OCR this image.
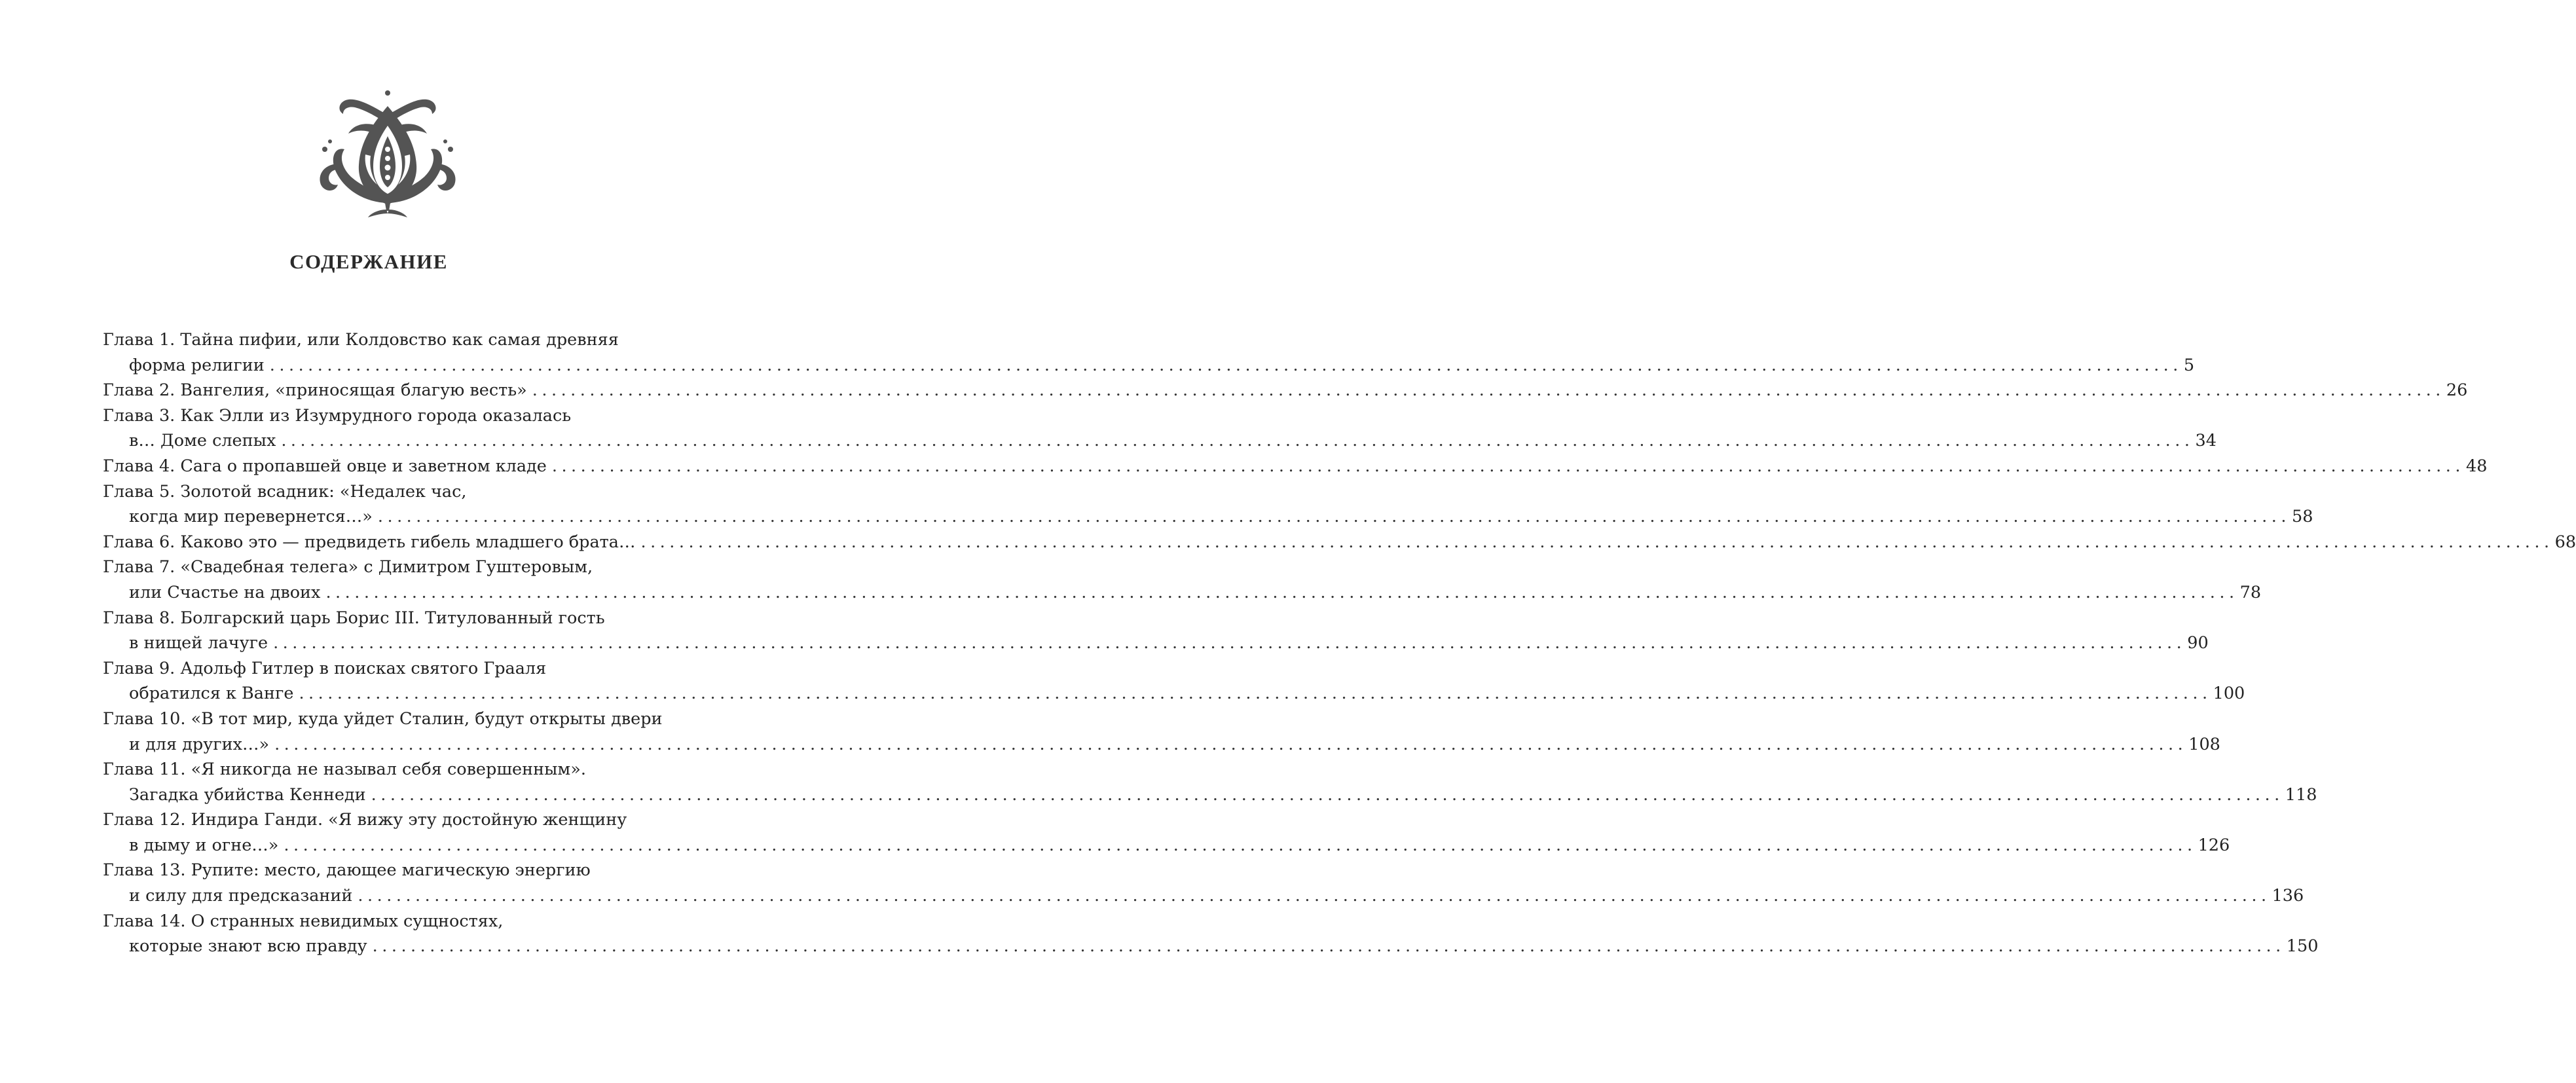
СОДЕРЖАНИЕ
Глава 1. Тайна пифии, или Колдовство как самая древняя
форма религии ........................................................................................................................................................................................................ 5
Глава 2. Вангелия, «приносящая благую весть» ........................................................................................................................................................................................................ 26
Глава 3. Как Элли из Изумрудного города оказалась
в… Доме слепых ........................................................................................................................................................................................................ 34
Глава 4. Сага о пропавшей овце и заветном кладе ........................................................................................................................................................................................................ 48
Глава 5. Золотой всадник: «Недалек час,
когда мир перевернется…» ........................................................................................................................................................................................................ 58
Глава 6. Каково это — предвидеть гибель младшего брата… ........................................................................................................................................................................................................ 68
Глава 7. «Свадебная телега» с Димитром Гуштеровым,
или Счастье на двоих ........................................................................................................................................................................................................ 78
Глава 8. Болгарский царь Борис III. Титулованный гость
в нищей лачуге ........................................................................................................................................................................................................ 90
Глава 9. Адольф Гитлер в поисках святого Грааля
обратился к Ванге ........................................................................................................................................................................................................ 100
Глава 10. «В тот мир, куда уйдет Сталин, будут открыты двери
и для других…» ........................................................................................................................................................................................................ 108
Глава 11. «Я никогда не называл себя совершенным».
Загадка убийства Кеннеди ........................................................................................................................................................................................................ 118
Глава 12. Индира Ганди. «Я вижу эту достойную женщину
в дыму и огне…» ........................................................................................................................................................................................................ 126
Глава 13. Рупите: место, дающее магическую энергию
и силу для предсказаний ........................................................................................................................................................................................................ 136
Глава 14. О странных невидимых сущностях,
которые знают всю правду ........................................................................................................................................................................................................ 150
